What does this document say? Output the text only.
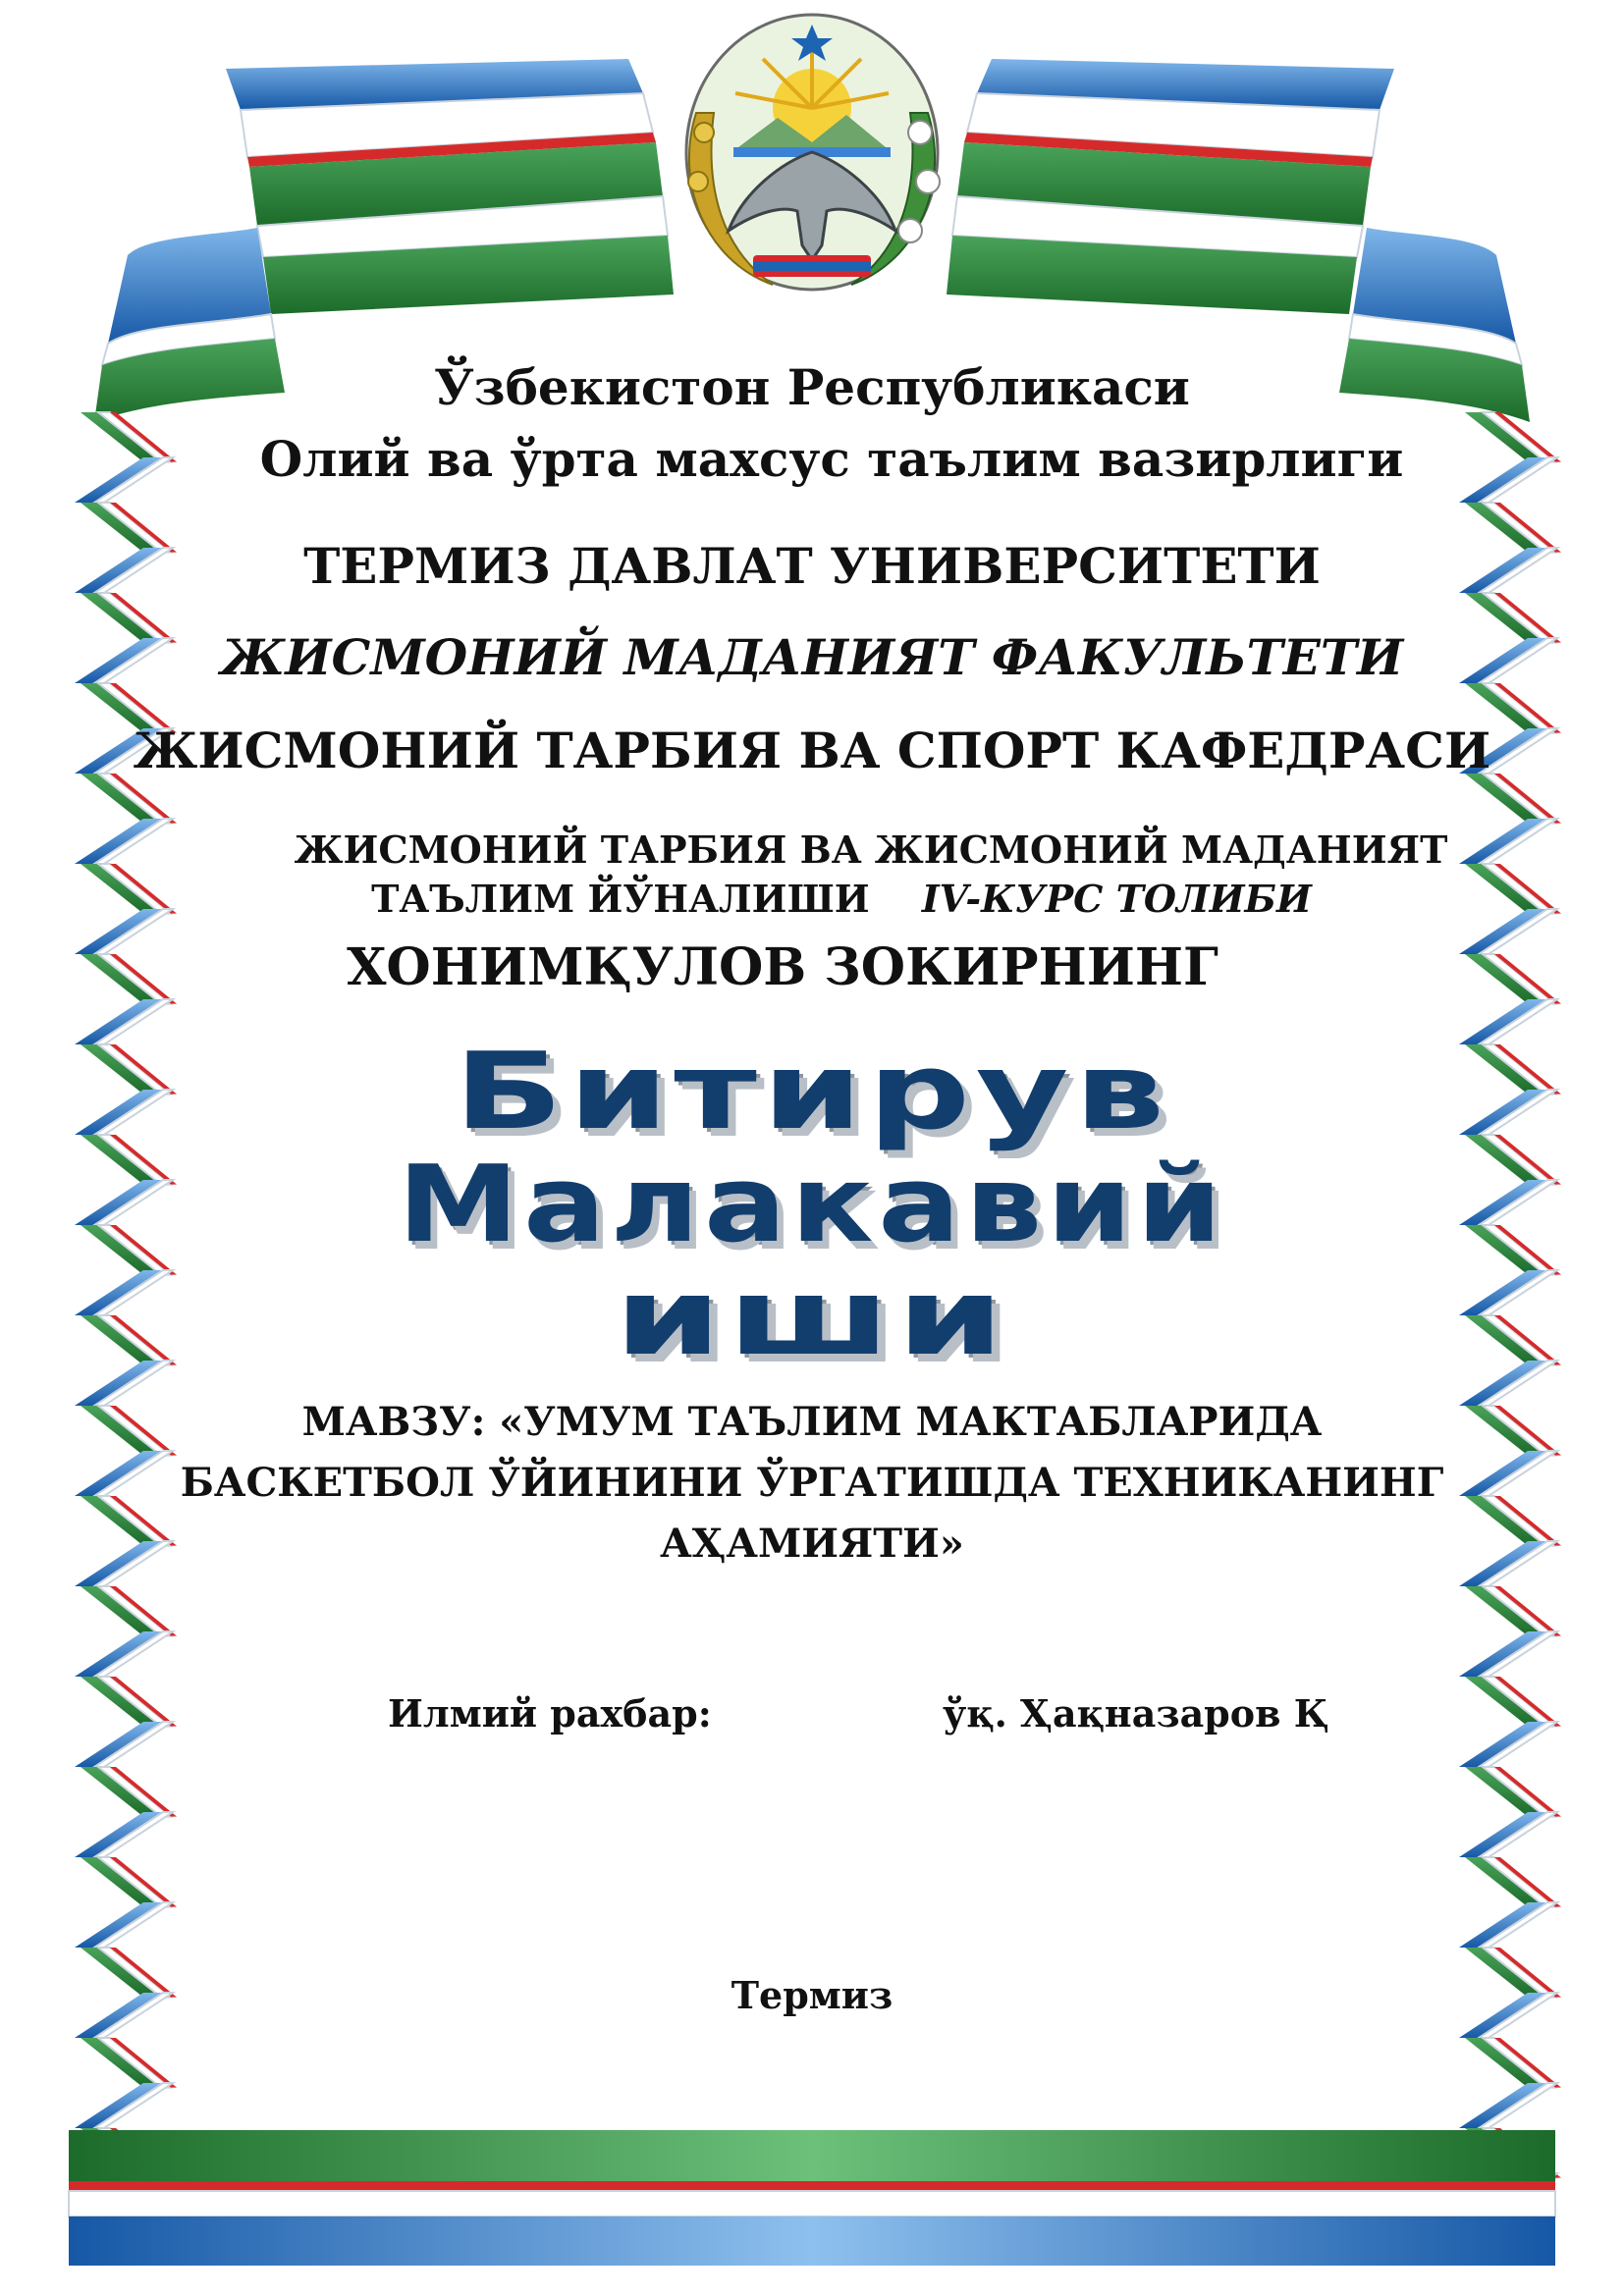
Ўзбекистон Республикаси
Олий ва ўрта махсус таълим вазирлиги
ТЕРМИЗ ДАВЛАТ УНИВЕРСИТЕТИ
ЖИСМОНИЙ МАДАНИЯТ ФАКУЛЬТЕТИ
ЖИСМОНИЙ ТАРБИЯ ВА СПОРТ КАФЕДРАСИ
ЖИСМОНИЙ ТАРБИЯ ВА ЖИСМОНИЙ МАДАНИЯТ
ТАЪЛИМ ЙЎНАЛИШИ IV-КУРС ТОЛИБИ
ХОНИМҚУЛОВ ЗОКИРНИНГ
Битирув
Малакавий
иши
МАВЗУ: «УМУМ ТАЪЛИМ МАКТАБЛАРИДА
БАСКЕТБОЛ ЎЙИНИНИ ЎРГАТИШДА ТЕХНИКАНИНГ
АҲАМИЯТИ»
Илмий рахбар:	ўқ. Ҳақназаров Қ
Термиз
